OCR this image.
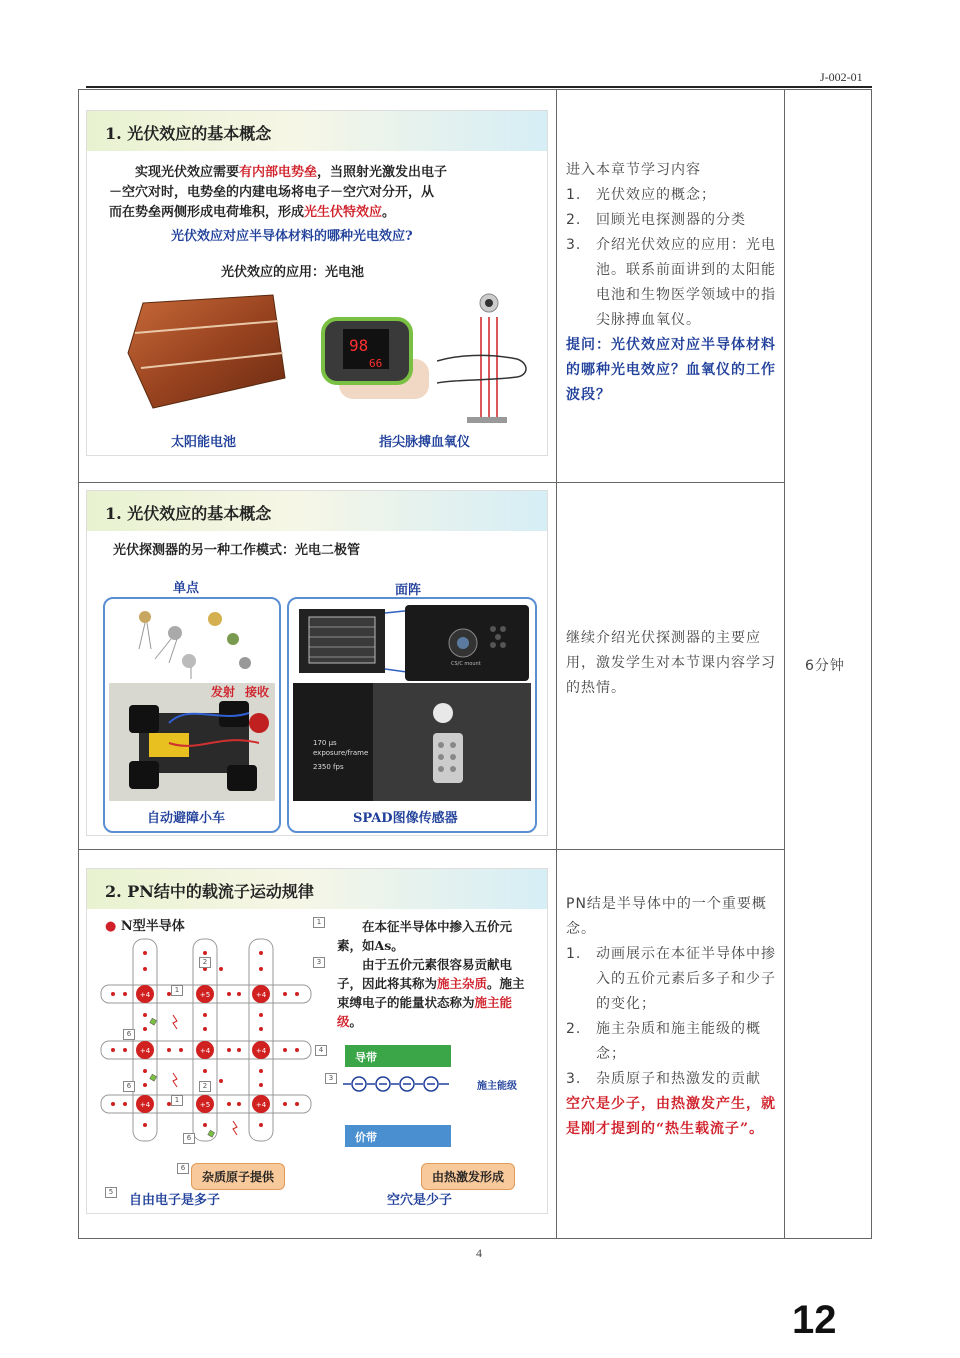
J-002-01
1. 光伏效应的基本概念
实现光伏效应需要有内部电势垒，当照射光激发出电子
－空穴对时，电势垒的内建电场将电子－空穴对分开，从
而在势垒两侧形成电荷堆积，形成光生伏特效应。
光伏效应对应半导体材料的哪种光电效应?
光伏效应的应用：光电池
98
66
太阳能电池	指尖脉搏血氧仪
进入本章节学习内容
1. 光伏效应的概念；
2. 回顾光电探测器的分类
3. 介绍光伏效应的应用：光电池。联系前面讲到的太阳能电池和生物医学领域中的指尖脉搏血氧仪。
提问：光伏效应对应半导体材料的哪种光电效应？血氧仪的工作波段？
1. 光伏效应的基本概念
光伏探测器的另一种工作模式：光电二极管
单点	面阵
发射 接收
自动避障小车
CS/C mount
170 μs
exposure/frame
2350 fps
SPAD图像传感器
继续介绍光伏探测器的主要应用，激发学生对本节课内容学习的热情。
6分钟
2. PN结中的载流子运动规律
● N型半导体
+4	+5	+4
+4	+4	+4
+4	+5	+4
2
1
6
6	2
1
6
1
3
4
3
在本征半导体中掺入五价元素，如As。
由于五价元素很容易贡献电子，因此将其称为施主杂质。施主束缚电子的能量状态称为施主能级。
导带
施主能级
价带
杂质原子提供	由热激发形成
6
5
自由电子是多子	空穴是少子
PN结是半导体中的一个重要概念。
1. 动画展示在本征半导体中掺入的五价元素后多子和少子的变化；
2. 施主杂质和施主能级的概念；
3. 杂质原子和热激发的贡献
空穴是少子，由热激发产生，就是刚才提到的“热生载流子”。
4
12
